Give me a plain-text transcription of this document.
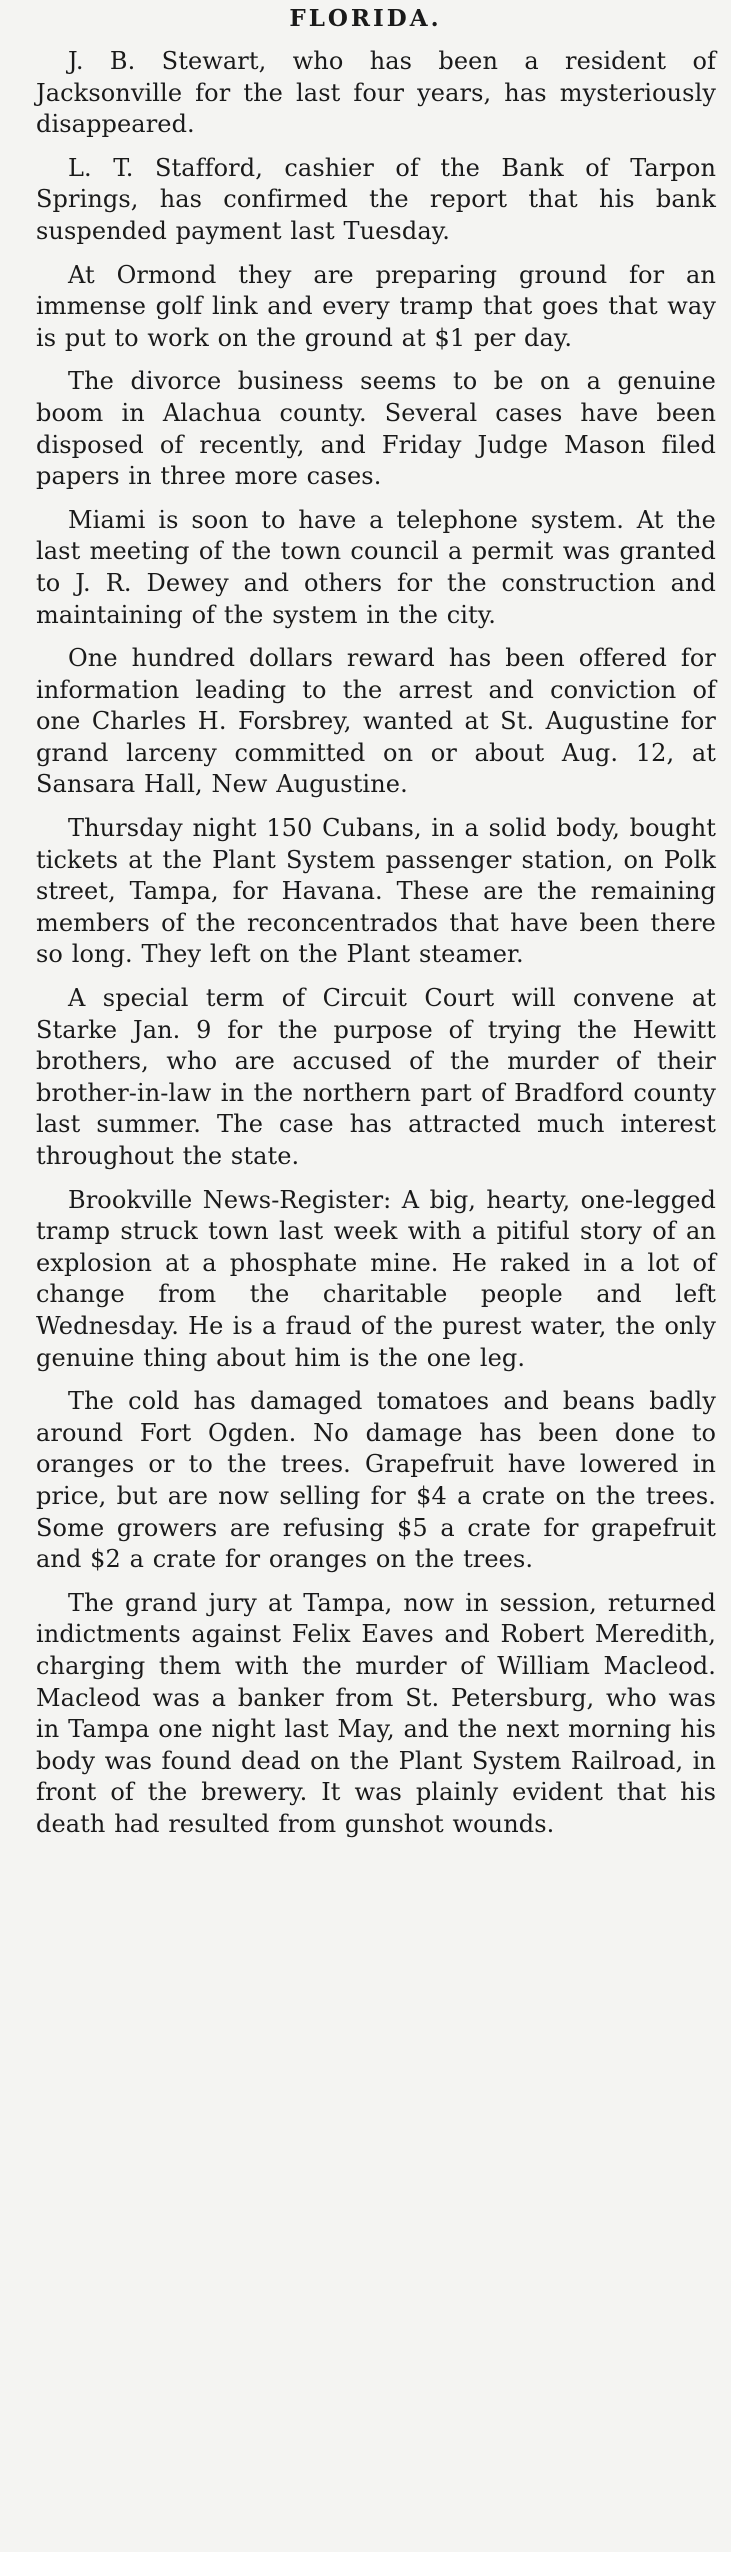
FLORIDA.

J. B. Stewart, who has been a resident of Jacksonville for the last four years, has mysteriously disappeared.

L. T. Stafford, cashier of the Bank of Tarpon Springs, has confirmed the report that his bank suspended payment last Tuesday.

At Ormond they are preparing ground for an immense golf link and every tramp that goes that way is put to work on the ground at $1 per day.

The divorce business seems to be on a genuine boom in Alachua county. Several cases have been disposed of recently, and Friday Judge Mason filed papers in three more cases.

Miami is soon to have a telephone system. At the last meeting of the town council a permit was granted to J. R. Dewey and others for the construction and maintaining of the system in the city.

One hundred dollars reward has been offered for information leading to the arrest and conviction of one Charles H. Forsbrey, wanted at St. Augustine for grand larceny committed on or about Aug. 12, at Sansara Hall, New Augustine.

Thursday night 150 Cubans, in a solid body, bought tickets at the Plant System passenger station, on Polk street, Tampa, for Havana. These are the remaining members of the reconcentrados that have been there so long. They left on the Plant steamer.

A special term of Circuit Court will convene at Starke Jan. 9 for the purpose of trying the Hewitt brothers, who are accused of the murder of their brother-in-law in the northern part of Bradford county last summer. The case has attracted much interest throughout the state.

Brookville News-Register: A big, hearty, one-legged tramp struck town last week with a pitiful story of an explosion at a phosphate mine. He raked in a lot of change from the charitable people and left Wednesday. He is a fraud of the purest water, the only genuine thing about him is the one leg.

The cold has damaged tomatoes and beans badly around Fort Ogden. No damage has been done to oranges or to the trees. Grapefruit have lowered in price, but are now selling for $4 a crate on the trees. Some growers are refusing $5 a crate for grapefruit and $2 a crate for oranges on the trees.

The grand jury at Tampa, now in session, returned indictments against Felix Eaves and Robert Meredith, charging them with the murder of William Macleod. Macleod was a banker from St. Petersburg, who was in Tampa one night last May, and the next morning his body was found dead on the Plant System Railroad, in front of the brewery. It was plainly evident that his death had resulted from gunshot wounds.
